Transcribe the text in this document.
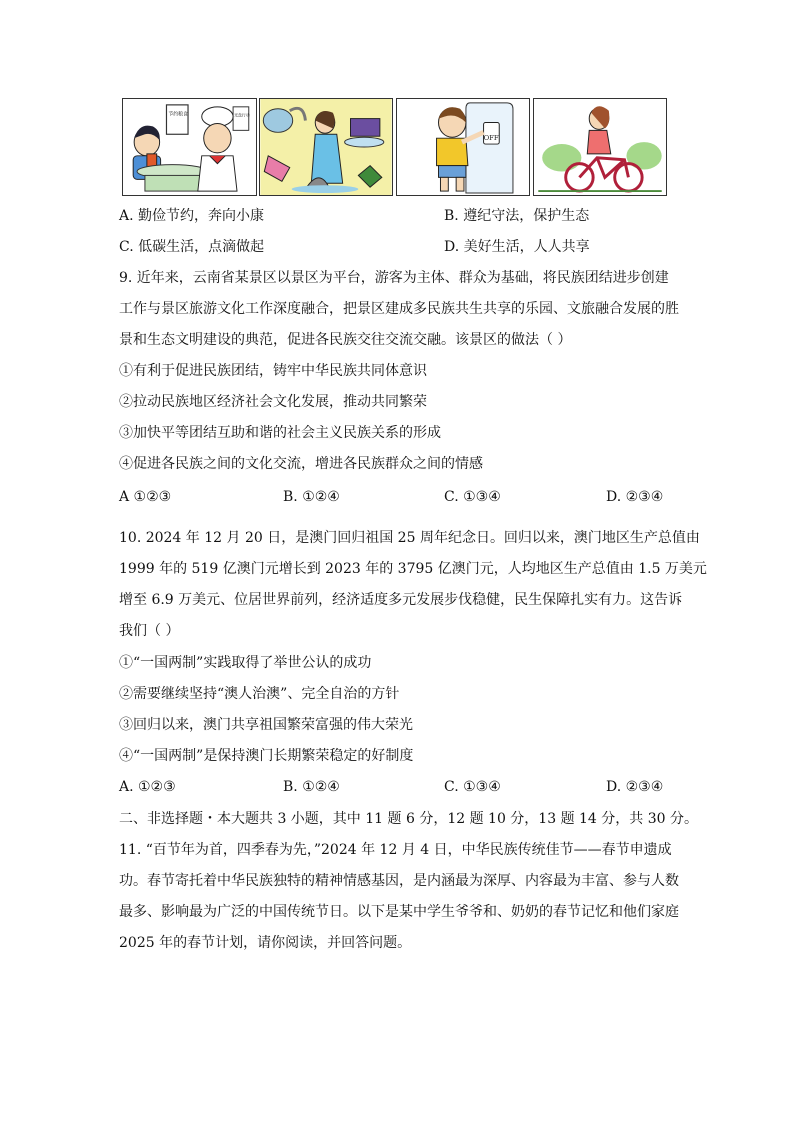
节约粮食	光盘行动
OFF
A. 勤俭节约，奔向小康	B. 遵纪守法，保护生态
C. 低碳生活，点滴做起	D. 美好生活，人人共享
9. 近年来，云南省某景区以景区为平台，游客为主体、群众为基础，将民族团结进步创建
工作与景区旅游文化工作深度融合，把景区建成多民族共生共享的乐园、文旅融合发展的胜
景和生态文明建设的典范，促进各民族交往交流交融。该景区的做法（ ）
①有利于促进民族团结，铸牢中华民族共同体意识
②拉动民族地区经济社会文化发展，推动共同繁荣
③加快平等团结互助和谐的社会主义民族关系的形成
④促进各民族之间的文化交流，增进各民族群众之间的情感
A ①②③	B. ①②④	C. ①③④	D. ②③④
10. 2024 年 12 月 20 日，是澳门回归祖国 25 周年纪念日。回归以来，澳门地区生产总值由
1999 年的 519 亿澳门元增长到 2023 年的 3795 亿澳门元，人均地区生产总值由 1.5 万美元
增至 6.9 万美元、位居世界前列，经济适度多元发展步伐稳健，民生保障扎实有力。这告诉
我们（ ）
①“一国两制”实践取得了举世公认的成功
②需要继续坚持“澳人治澳”、完全自治的方针
③回归以来，澳门共享祖国繁荣富强的伟大荣光
④“一国两制”是保持澳门长期繁荣稳定的好制度
A. ①②③	B. ①②④	C. ①③④	D. ②③④
二、非选择题・本大题共 3 小题，其中 11 题 6 分，12 题 10 分，13 题 14 分，共 30 分。
11. “百节年为首，四季春为先，”2024 年 12 月 4 日，中华民族传统佳节——春节申遗成
功。春节寄托着中华民族独特的精神情感基因，是内涵最为深厚、内容最为丰富、参与人数
最多、影响最为广泛的中国传统节日。以下是某中学生爷爷和、奶奶的春节记忆和他们家庭
2025 年的春节计划，请你阅读，并回答问题。
